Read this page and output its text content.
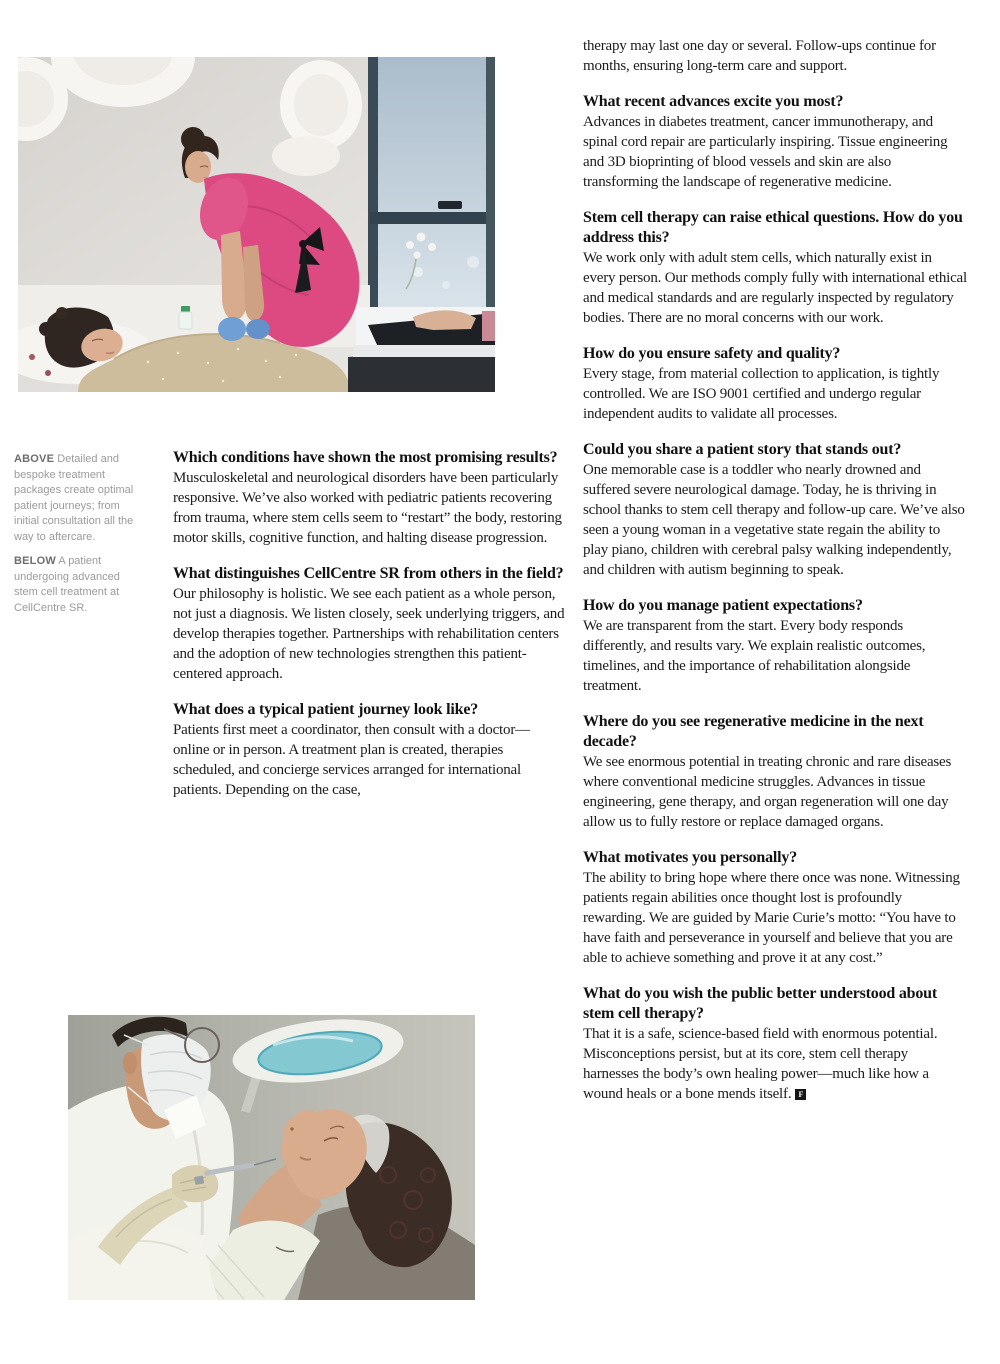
ABOVE Detailed and bespoke treatment packages create optimal patient journeys; from initial consultation all the way to aftercare.

BELOW A patient undergoing advanced stem cell treatment at CellCentre SR.

Which conditions have shown the most promising results?

Musculoskeletal and neurological disorders have been particularly responsive. We’ve also worked with pediatric patients recovering from trauma, where stem cells seem to “restart” the body, restoring motor skills, cognitive function, and halting disease progression.

What distinguishes CellCentre SR from others in the field?

Our philosophy is holistic. We see each patient as a whole person, not just a diagnosis. We listen closely, seek underlying triggers, and develop therapies together. Partnerships with rehabilitation centers and the adoption of new technologies strengthen this patient-centered approach.

What does a typical patient journey look like?

Patients first meet a coordinator, then consult with a doctor—online or in person. A treatment plan is created, therapies scheduled, and concierge services arranged for international patients. Depending on the case,

therapy may last one day or several. Follow-ups continue for months, ensuring long-term care and support.

What recent advances excite you most?

Advances in diabetes treatment, cancer immunotherapy, and spinal cord repair are particularly inspiring. Tissue engineering and 3D bioprinting of blood vessels and skin are also transforming the landscape of regenerative medicine.

Stem cell therapy can raise ethical questions. How do you address this?

We work only with adult stem cells, which naturally exist in every person. Our methods comply fully with international ethical and medical standards and are regularly inspected by regulatory bodies. There are no moral concerns with our work.

How do you ensure safety and quality?

Every stage, from material collection to application, is tightly controlled. We are ISO 9001 certified and undergo regular independent audits to validate all processes.

Could you share a patient story that stands out?

One memorable case is a toddler who nearly drowned and suffered severe neurological damage. Today, he is thriving in school thanks to stem cell therapy and follow-up care. We’ve also seen a young woman in a vegetative state regain the ability to play piano, children with cerebral palsy walking independently, and children with autism beginning to speak.

How do you manage patient expectations?

We are transparent from the start. Every body responds differently, and results vary. We explain realistic outcomes, timelines, and the importance of rehabilitation alongside treatment.

Where do you see regenerative medicine in the next decade?

We see enormous potential in treating chronic and rare diseases where conventional medicine struggles. Advances in tissue engineering, gene therapy, and organ regeneration will one day allow us to fully restore or replace damaged organs.

What motivates you personally?

The ability to bring hope where there once was none. Witnessing patients regain abilities once thought lost is profoundly rewarding. We are guided by Marie Curie’s motto: “You have to have faith and perseverance in yourself and believe that you are able to achieve something and prove it at any cost.”

What do you wish the public better understood about stem cell therapy?

That it is a safe, science-based field with enormous potential. Misconceptions persist, but at its core, stem cell therapy harnesses the body’s own healing power—much like how a wound heals or a bone mends itself. F
